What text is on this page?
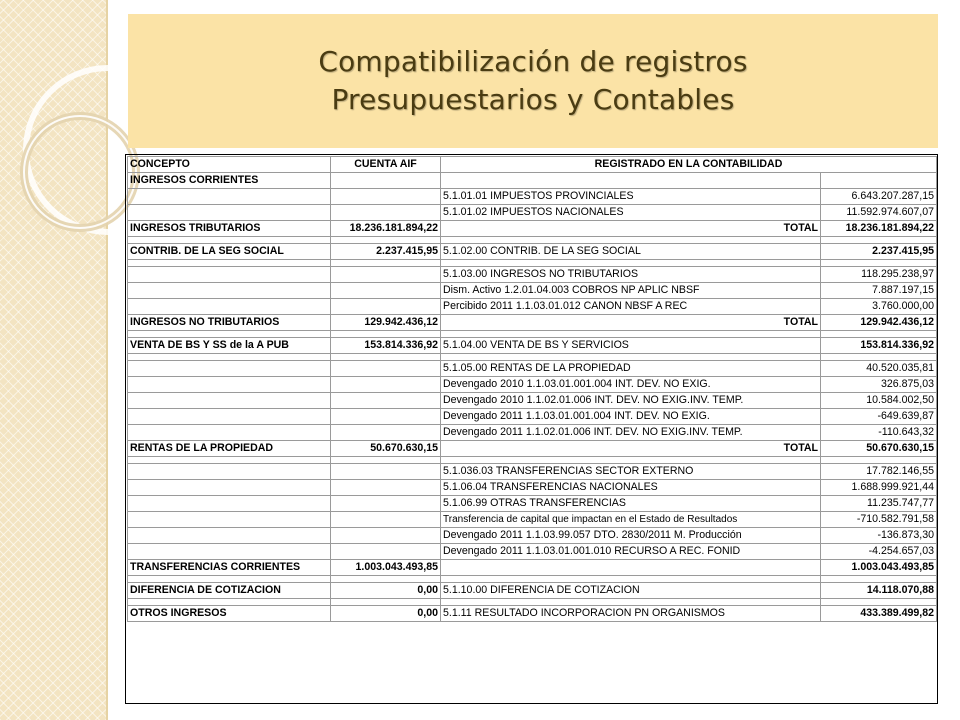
Compatibilización de registros
Presupuestarios y Contables
CONCEPTO	CUENTA AIF	REGISTRADO EN LA CONTABILIDAD	
INGRESOS CORRIENTES			
		5.1.01.01 IMPUESTOS PROVINCIALES	6.643.207.287,15
		5.1.01.02 IMPUESTOS NACIONALES	11.592.974.607,07
INGRESOS TRIBUTARIOS	18.236.181.894,22	TOTAL	18.236.181.894,22

CONTRIB. DE LA SEG SOCIAL	2.237.415,95	5.1.02.00 CONTRIB. DE LA SEG SOCIAL	2.237.415,95

		5.1.03.00 INGRESOS NO TRIBUTARIOS	118.295.238,97
		Dism. Activo 1.2.01.04.003 COBROS NP APLIC NBSF	7.887.197,15
		Percibido 2011 1.1.03.01.012 CANON NBSF A REC	3.760.000,00
INGRESOS NO TRIBUTARIOS	129.942.436,12	TOTAL	129.942.436,12

VENTA DE BS Y SS de la A PUB	153.814.336,92	5.1.04.00 VENTA DE BS Y SERVICIOS	153.814.336,92

		5.1.05.00 RENTAS DE LA PROPIEDAD	40.520.035,81
		Devengado 2010 1.1.03.01.001.004 INT. DEV. NO EXIG.	326.875,03
		Devengado 2010 1.1.02.01.006 INT. DEV. NO EXIG.INV. TEMP.	10.584.002,50
		Devengado 2011 1.1.03.01.001.004 INT. DEV. NO EXIG.	-649.639,87
		Devengado 2011 1.1.02.01.006 INT. DEV. NO EXIG.INV. TEMP.	-110.643,32
RENTAS DE LA PROPIEDAD	50.670.630,15	TOTAL	50.670.630,15

		5.1.036.03 TRANSFERENCIAS SECTOR EXTERNO	17.782.146,55
		5.1.06.04 TRANSFERENCIAS NACIONALES	1.688.999.921,44
		5.1.06.99 OTRAS TRANSFERENCIAS	11.235.747,77
		Transferencia de capital que impactan en el Estado de Resultados	-710.582.791,58
		Devengado 2011 1.1.03.99.057 DTO. 2830/2011 M. Producción	-136.873,30
		Devengado 2011 1.1.03.01.001.010 RECURSO A REC. FONID	-4.254.657,03
TRANSFERENCIAS CORRIENTES	1.003.043.493,85		1.003.043.493,85

DIFERENCIA DE COTIZACION	0,00	5.1.10.00 DIFERENCIA DE COTIZACION	14.118.070,88

OTROS INGRESOS	0,00	5.1.11 RESULTADO INCORPORACION PN ORGANISMOS	433.389.499,82
